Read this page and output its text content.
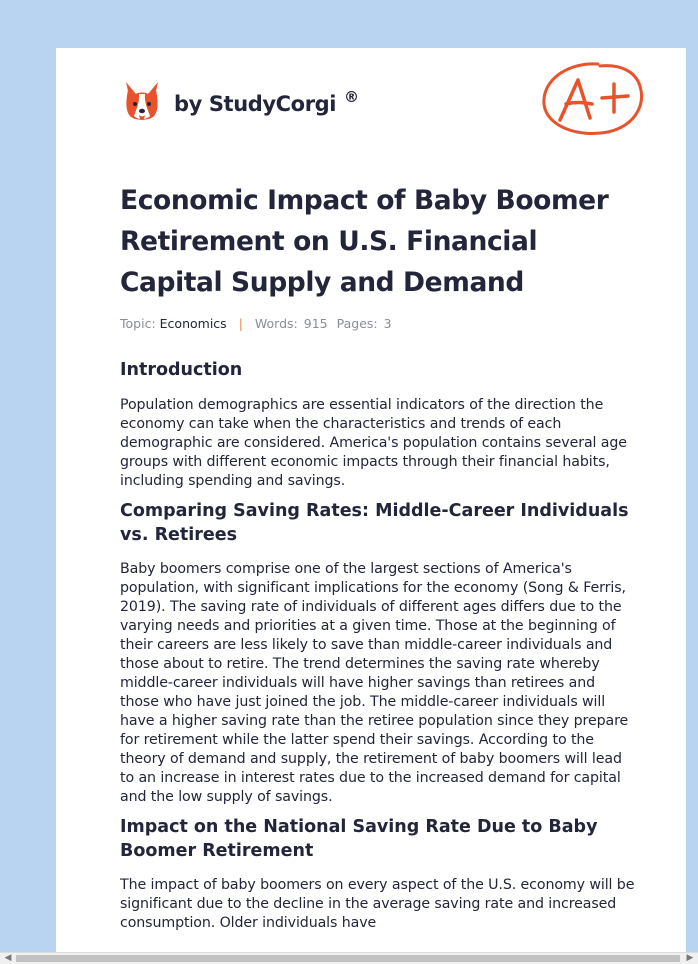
by StudyCorgi ®
Economic Impact of Baby Boomer Retirement on U.S. Financial Capital Supply and Demand
Topic: Economics | Words: 915 Pages: 3
Introduction

Population demographics are essential indicators of the direction the economy can take when the characteristics and trends of each demographic are considered. America's population contains several age groups with different economic impacts through their financial habits, including spending and savings.

Comparing Saving Rates: Middle-Career Individuals vs. Retirees

Baby boomers comprise one of the largest sections of America's population, with significant implications for the economy (Song & Ferris, 2019). The saving rate of individuals of different ages differs due to the varying needs and priorities at a given time. Those at the beginning of their careers are less likely to save than middle-career individuals and those about to retire. The trend determines the saving rate whereby middle-career individuals will have higher savings than retirees and those who have just joined the job. The middle-career individuals will have a higher saving rate than the retiree population since they prepare for retirement while the latter spend their savings. According to the theory of demand and supply, the retirement of baby boomers will lead to an increase in interest rates due to the increased demand for capital and the low supply of savings.

Impact on the National Saving Rate Due to Baby Boomer Retirement

The impact of baby boomers on every aspect of the U.S. economy will be significant due to the decline in the average saving rate and increased consumption. Older individuals have

◀	▶
